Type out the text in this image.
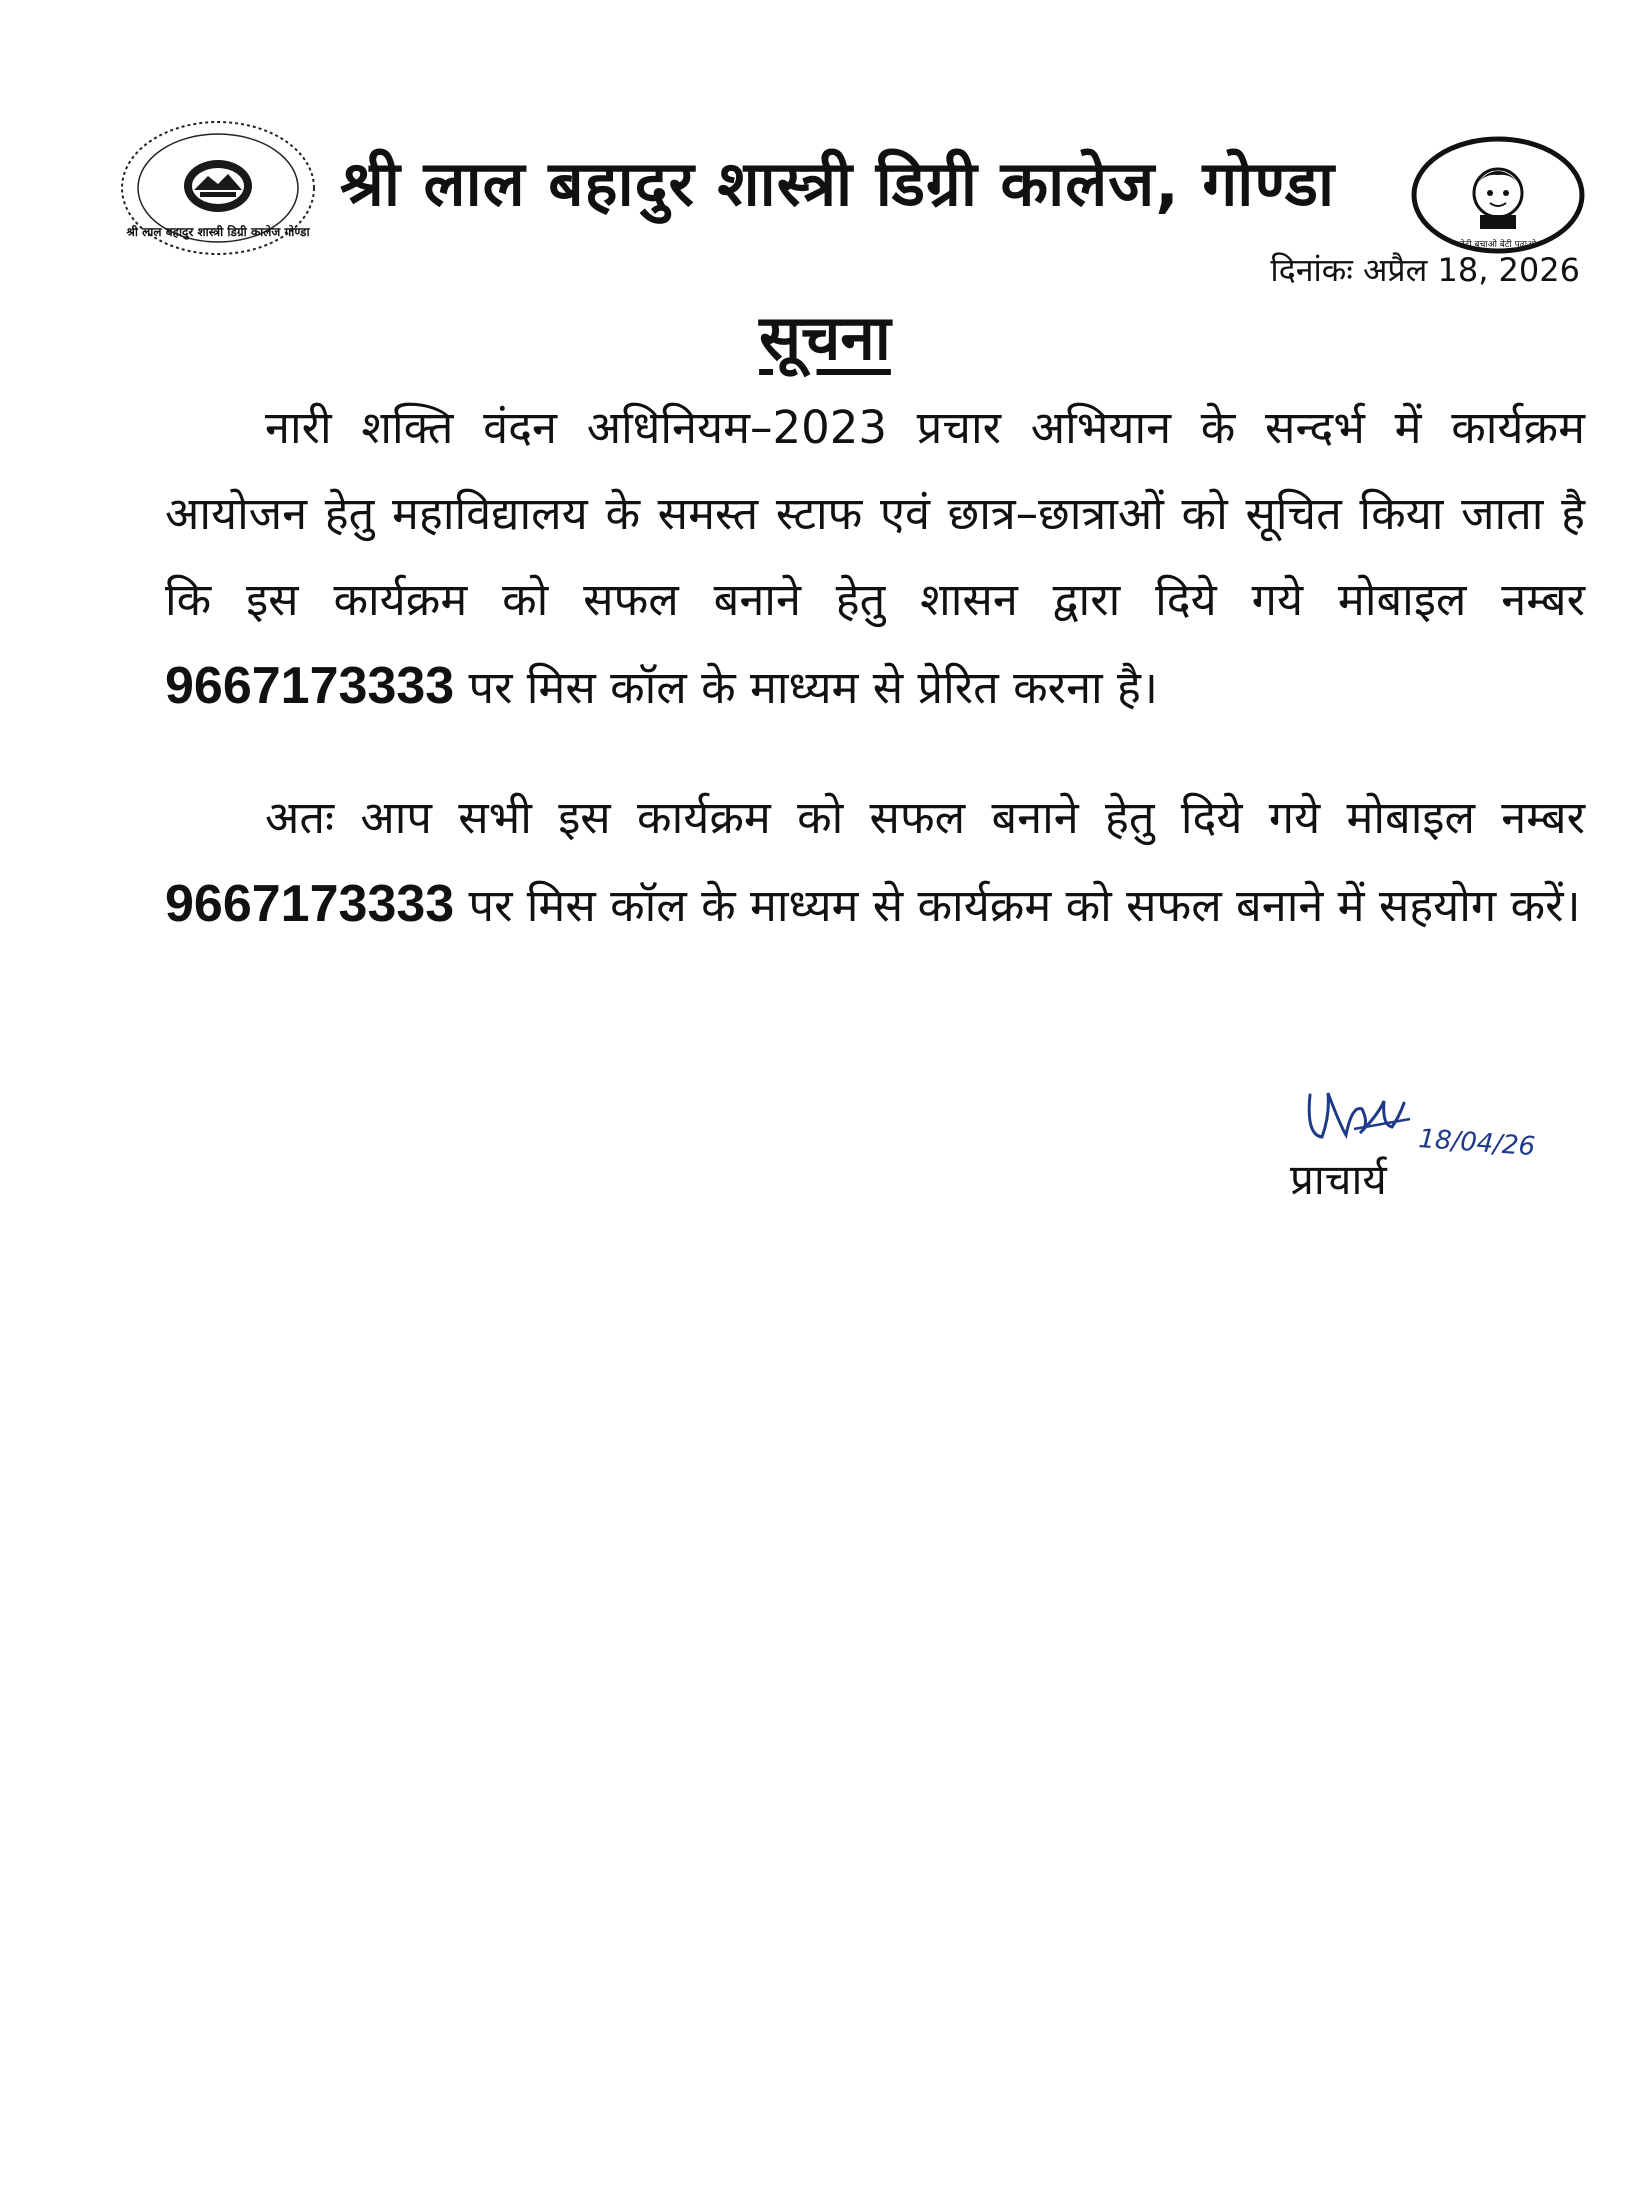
श्री लाल बहादुर शास्त्री डिग्री कालेज गोण्डा
श्री लाल बहादुर शास्त्री डिग्री कालेज, गोण्डा
बेटी बचाओ बेटी पढ़ाओ
दिनांकः अप्रैल 18, 2026
सूचना

नारी शक्ति वंदन अधिनियम–2023 प्रचार अभियान के सन्दर्भ में कार्यक्रम आयोजन हेतु महाविद्यालय के समस्त स्टाफ एवं छात्र–छात्राओं को सूचित किया जाता है कि इस कार्यक्रम को सफल बनाने हेतु शासन द्वारा दिये गये मोबाइल नम्बर 9667173333 पर मिस कॉल के माध्यम से प्रेरित करना है।

अतः आप सभी इस कार्यक्रम को सफल बनाने हेतु दिये गये मोबाइल नम्बर 9667173333 पर मिस कॉल के माध्यम से कार्यक्रम को सफल बनाने में सहयोग करें।

18/04/26
प्राचार्य
